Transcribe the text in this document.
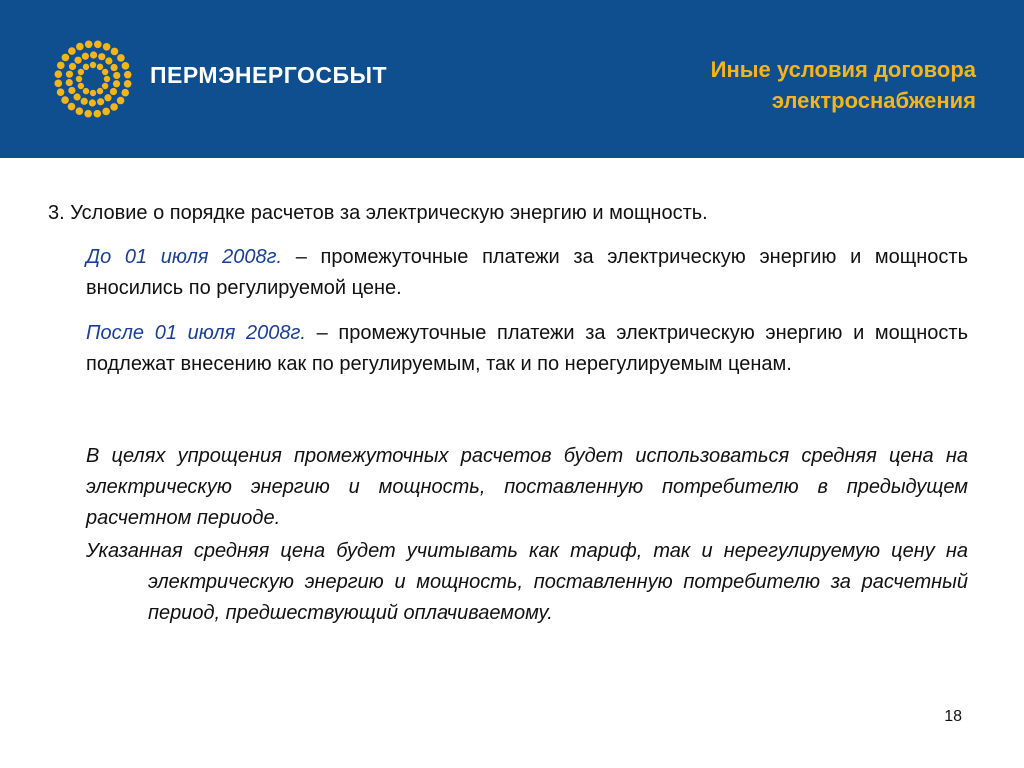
ПЕРМЭНЕРГОСБЫТ	Иные условия договора
электроснабжения
3. Условие о порядке расчетов за электрическую энергию и мощность.
До 01 июля 2008г. – промежуточные платежи за электрическую энергию и мощность вносились по регулируемой цене.
После 01 июля 2008г. – промежуточные платежи за электрическую энергию и мощность подлежат внесению как по регулируемым, так и по нерегулируемым ценам.
В целях упрощения промежуточных расчетов будет использоваться средняя цена на электрическую энергию и мощность, поставленную потребителю в предыдущем расчетном периоде.
Указанная средняя цена будет учитывать как тариф, так и нерегулируемую цену на электрическую энергию и мощность, поставленную потребителю за расчетный период, предшествующий оплачиваемому.
18
